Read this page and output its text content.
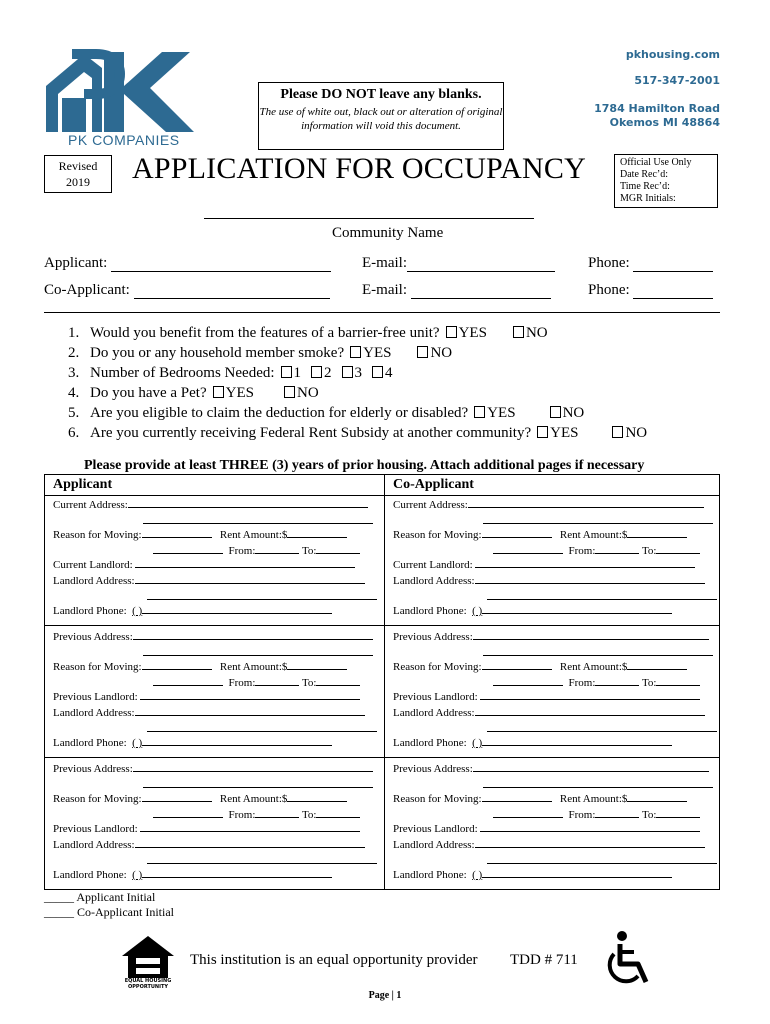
PK COMPANIES
pkhousing.com
517-347-2001
1784 Hamilton Road
Okemos MI 48864
Please DO NOT leave any blanks.
The use of white out, black out or alteration of original information will void this document.
Revised
2019	APPLICATION FOR OCCUPANCY	Official Use Only
Date Rec’d:
Time Rec’d:
MGR Initials:
Community Name
Applicant:	E-mail:	Phone:
Co-Applicant:	E-mail:	Phone:
1. Would you benefit from the features of a barrier-free unit? YES	NO
2. Do you or any household member smoke? YES	NO
3. Number of Bedrooms Needed: 1 2 3 4
4. Do you have a Pet? YES	NO
5. Are you eligible to claim the deduction for elderly or disabled? YES	NO
6. Are you currently receiving Federal Rent Subsidy at another community? YES	NO
Please provide at least THREE (3) years of prior housing. Attach additional pages if necessary
Applicant	Co-Applicant
Current Address:
Reason for Moving:	Rent Amount:$
From:	To:
Current Landlord:
Landlord Address:
Landlord Phone: ( )
Current Address:
Reason for Moving:	Rent Amount:$
From:	To:
Current Landlord:
Landlord Address:
Landlord Phone: ( )
Previous Address:
Reason for Moving:	Rent Amount:$
From:	To:
Previous Landlord:
Landlord Address:
Landlord Phone: ( )
Previous Address:
Reason for Moving:	Rent Amount:$
From:	To:
Previous Landlord:
Landlord Address:
Landlord Phone: ( )
Previous Address:
Reason for Moving:	Rent Amount:$
From:	To:
Previous Landlord:
Landlord Address:
Landlord Phone: ( )
Previous Address:
Reason for Moving:	Rent Amount:$
From:	To:
Previous Landlord:
Landlord Address:
Landlord Phone: ( )
_____ Applicant Initial
_____ Co-Applicant Initial
EQUAL HOUSING
OPPORTUNITY
This institution is an equal opportunity provider TDD # 711
Page | 1
